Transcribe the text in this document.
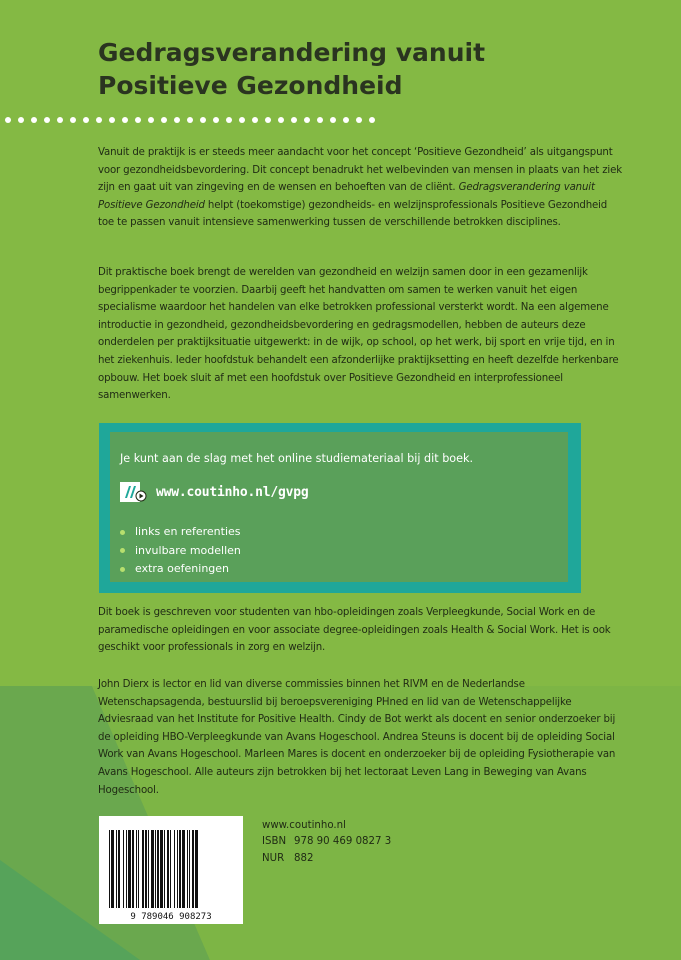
Gedragsverandering vanuit
Positieve Gezondheid

Vanuit de praktijk is er steeds meer aandacht voor het concept ‘Positieve Gezondheid’ als uitgangspunt voor gezondheidsbevordering. Dit concept benadrukt het welbevinden van mensen in plaats van het ziek zijn en gaat uit van zingeving en de wensen en behoeften van de cliënt. Gedragsverandering vanuit Positieve Gezondheid helpt (toekomstige) gezondheids- en welzijnsprofessionals Positieve Gezondheid toe te passen vanuit intensieve samenwerking tussen de verschillende betrokken disciplines.

Dit praktische boek brengt de werelden van gezondheid en welzijn samen door in een gezamenlijk begrippenkader te voorzien. Daarbij geeft het handvatten om samen te werken vanuit het eigen specialisme waardoor het handelen van elke betrokken professional versterkt wordt. Na een algemene introductie in gezondheid, gezondheidsbevordering en gedragsmodellen, hebben de auteurs deze onderdelen per praktijksituatie uitgewerkt: in de wijk, op school, op het werk, bij sport en vrije tijd, en in het ziekenhuis. Ieder hoofdstuk behandelt een afzonderlijke praktijksetting en heeft dezelfde herkenbare opbouw. Het boek sluit af met een hoofdstuk over Positieve Gezondheid en interprofessioneel samenwerken.

Je kunt aan de slag met het online studiemateriaal bij dit boek.

www.coutinho.nl/gvpg
links en referenties
invulbare modellen
extra oefeningen

Dit boek is geschreven voor studenten van hbo-opleidingen zoals Verpleegkunde, Social Work en de paramedische opleidingen en voor associate degree-opleidingen zoals Health & Social Work. Het is ook geschikt voor professionals in zorg en welzijn.

John Dierx is lector en lid van diverse commissies binnen het RIVM en de Nederlandse Wetenschapsagenda, bestuurslid bij beroepsvereniging PHned en lid van de Wetenschappelijke Adviesraad van het Institute for Positive Health. Cindy de Bot werkt als docent en senior onderzoeker bij de opleiding HBO-Verpleegkunde van Avans Hogeschool. Andrea Steuns is docent bij de opleiding Social Work van Avans Hogeschool. Marleen Mares is docent en onderzoeker bij de opleiding Fysiotherapie van Avans Hogeschool. Alle auteurs zijn betrokken bij het lectoraat Leven Lang in Beweging van Avans Hogeschool.

9 789046 908273
www.coutinho.nl
ISBN 978 90 469 0827 3
NUR 882
